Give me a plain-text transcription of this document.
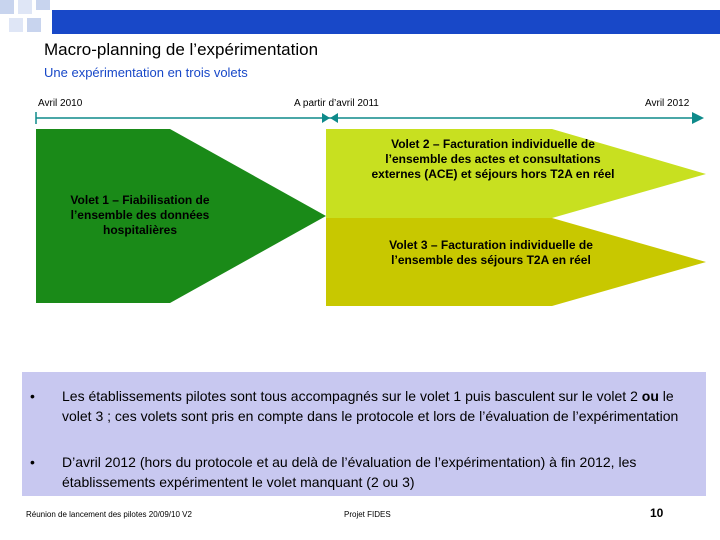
Macro-planning de l’expérimentation
Une expérimentation en trois volets
Avril 2010	A partir d’avril 2011	Avril 2012
Volet 1 – Fiabilisation de l’ensemble des données hospitalières
Volet 2 – Facturation individuelle de l’ensemble des actes et consultations externes (ACE) et séjours hors T2A en réel
Volet 3 – Facturation individuelle de l’ensemble des séjours T2A en réel
• Les établissements pilotes sont tous accompagnés sur le volet 1 puis basculent sur le volet 2 ou le volet 3 ; ces volets sont pris en compte dans le protocole et lors de l’évaluation de l’expérimentation
• D’avril 2012 (hors du protocole et au delà de l’évaluation de l’expérimentation) à fin 2012, les établissements expérimentent le volet manquant (2 ou 3)
Réunion de lancement des pilotes 20/09/10 V2	Projet FIDES	10
